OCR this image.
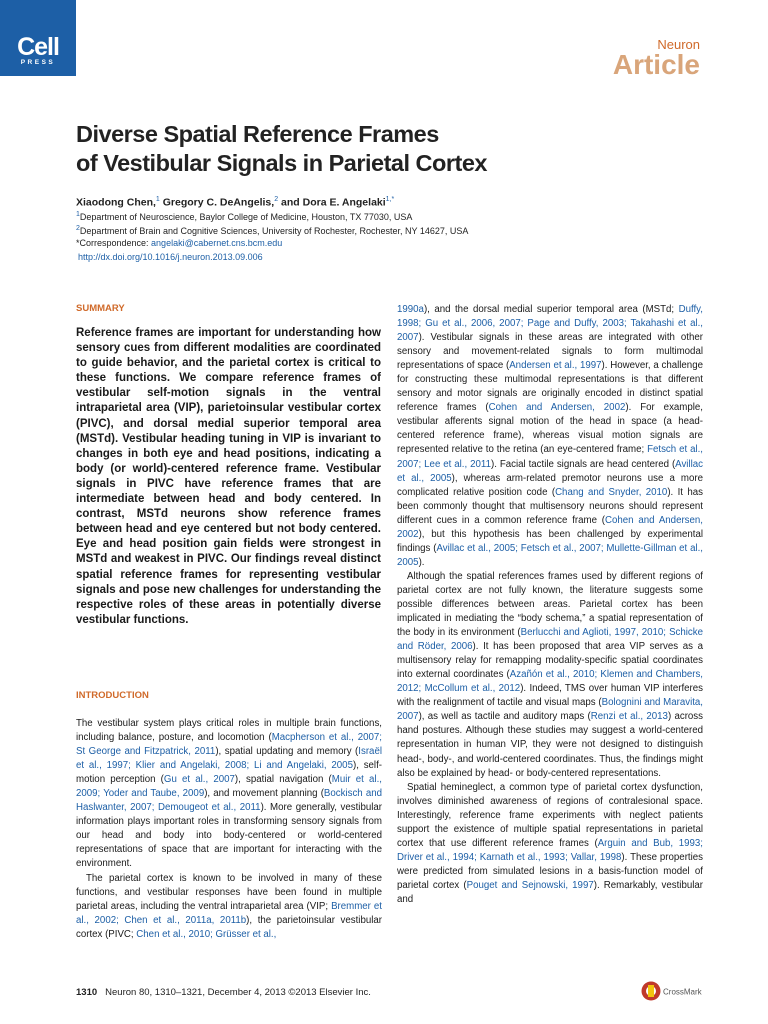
Cell
PRESS
Neuron
Article
Diverse Spatial Reference Frames
of Vestibular Signals in Parietal Cortex
Xiaodong Chen,$^1$ Gregory C. DeAngelis,$^2$ and Dora E. Angelaki$^{1,*}$
$^1$Department of Neuroscience, Baylor College of Medicine, Houston, TX 77030, USA
$^2$Department of Brain and Cognitive Sciences, University of Rochester, Rochester, NY 14627, USA
*Correspondence: angelaki@cabernet.cns.bcm.edu
http://dx.doi.org/10.1016/j.neuron.2013.09.006
SUMMARY
Reference frames are important for understanding how sensory cues from different modalities are coordinated to guide behavior, and the parietal cortex is critical to these functions. We compare reference frames of vestibular self-motion signals in the ventral intraparietal area (VIP), parietoinsular vestibular cortex (PIVC), and dorsal medial superior temporal area (MSTd). Vestibular heading tuning in VIP is invariant to changes in both eye and head positions, indicating a body (or world)-centered reference frame. Vestibular signals in PIVC have reference frames that are intermediate between head and body centered. In contrast, MSTd neurons show reference frames between head and eye centered but not body centered. Eye and head position gain fields were strongest in MSTd and weakest in PIVC. Our findings reveal distinct spatial reference frames for representing vestibular signals and pose new challenges for understanding the respective roles of these areas in potentially diverse vestibular functions.
INTRODUCTION

The vestibular system plays critical roles in multiple brain functions, including balance, posture, and locomotion (Macpherson et al., 2007; St George and Fitzpatrick, 2011), spatial updating and memory (Israël et al., 1997; Klier and Angelaki, 2008; Li and Angelaki, 2005), self-motion perception (Gu et al., 2007), spatial navigation (Muir et al., 2009; Yoder and Taube, 2009), and movement planning (Bockisch and Haslwanter, 2007; Demougeot et al., 2011). More generally, vestibular information plays important roles in transforming sensory signals from our head and body into body-centered or world-centered representations of space that are important for interacting with the environment.

The parietal cortex is known to be involved in many of these functions, and vestibular responses have been found in multiple parietal areas, including the ventral intraparietal area (VIP; Bremmer et al., 2002; Chen et al., 2011a, 2011b), the parietoinsular vestibular cortex (PIVC; Chen et al., 2010; Grüsser et al.,

1990a), and the dorsal medial superior temporal area (MSTd; Duffy, 1998; Gu et al., 2006, 2007; Page and Duffy, 2003; Takahashi et al., 2007). Vestibular signals in these areas are integrated with other sensory and movement-related signals to form multimodal representations of space (Andersen et al., 1997). However, a challenge for constructing these multimodal representations is that different sensory and motor signals are originally encoded in distinct spatial reference frames (Cohen and Andersen, 2002). For example, vestibular afferents signal motion of the head in space (a head-centered reference frame), whereas visual motion signals are represented relative to the retina (an eye-centered frame; Fetsch et al., 2007; Lee et al., 2011). Facial tactile signals are head centered (Avillac et al., 2005), whereas arm-related premotor neurons use a more complicated relative position code (Chang and Snyder, 2010). It has been commonly thought that multisensory neurons should represent different cues in a common reference frame (Cohen and Andersen, 2002), but this hypothesis has been challenged by experimental findings (Avillac et al., 2005; Fetsch et al., 2007; Mullette-Gillman et al., 2005).

Although the spatial references frames used by different regions of parietal cortex are not fully known, the literature suggests some possible differences between areas. Parietal cortex has been implicated in mediating the “body schema,” a spatial representation of the body in its environment (Berlucchi and Aglioti, 1997, 2010; Schicke and Röder, 2006). It has been proposed that area VIP serves as a multisensory relay for remapping modality-specific spatial coordinates into external coordinates (Azañón et al., 2010; Klemen and Chambers, 2012; McCollum et al., 2012). Indeed, TMS over human VIP interferes with the realignment of tactile and visual maps (Bolognini and Maravita, 2007), as well as tactile and auditory maps (Renzi et al., 2013) across hand postures. Although these studies may suggest a world-centered representation in human VIP, they were not designed to distinguish head-, body-, and world-centered coordinates. Thus, the findings might also be explained by head- or body-centered representations.

Spatial hemineglect, a common type of parietal cortex dysfunction, involves diminished awareness of regions of contralesional space. Interestingly, reference frame experiments with neglect patients support the existence of multiple spatial representations in parietal cortex that use different reference frames (Arguin and Bub, 1993; Driver et al., 1994; Karnath et al., 1993; Vallar, 1998). These properties were predicted from simulated lesions in a basis-function model of parietal cortex (Pouget and Sejnowski, 1997). Remarkably, vestibular and

1310 Neuron 80, 1310–1321, December 4, 2013 ©2013 Elsevier Inc.	CrossMark
